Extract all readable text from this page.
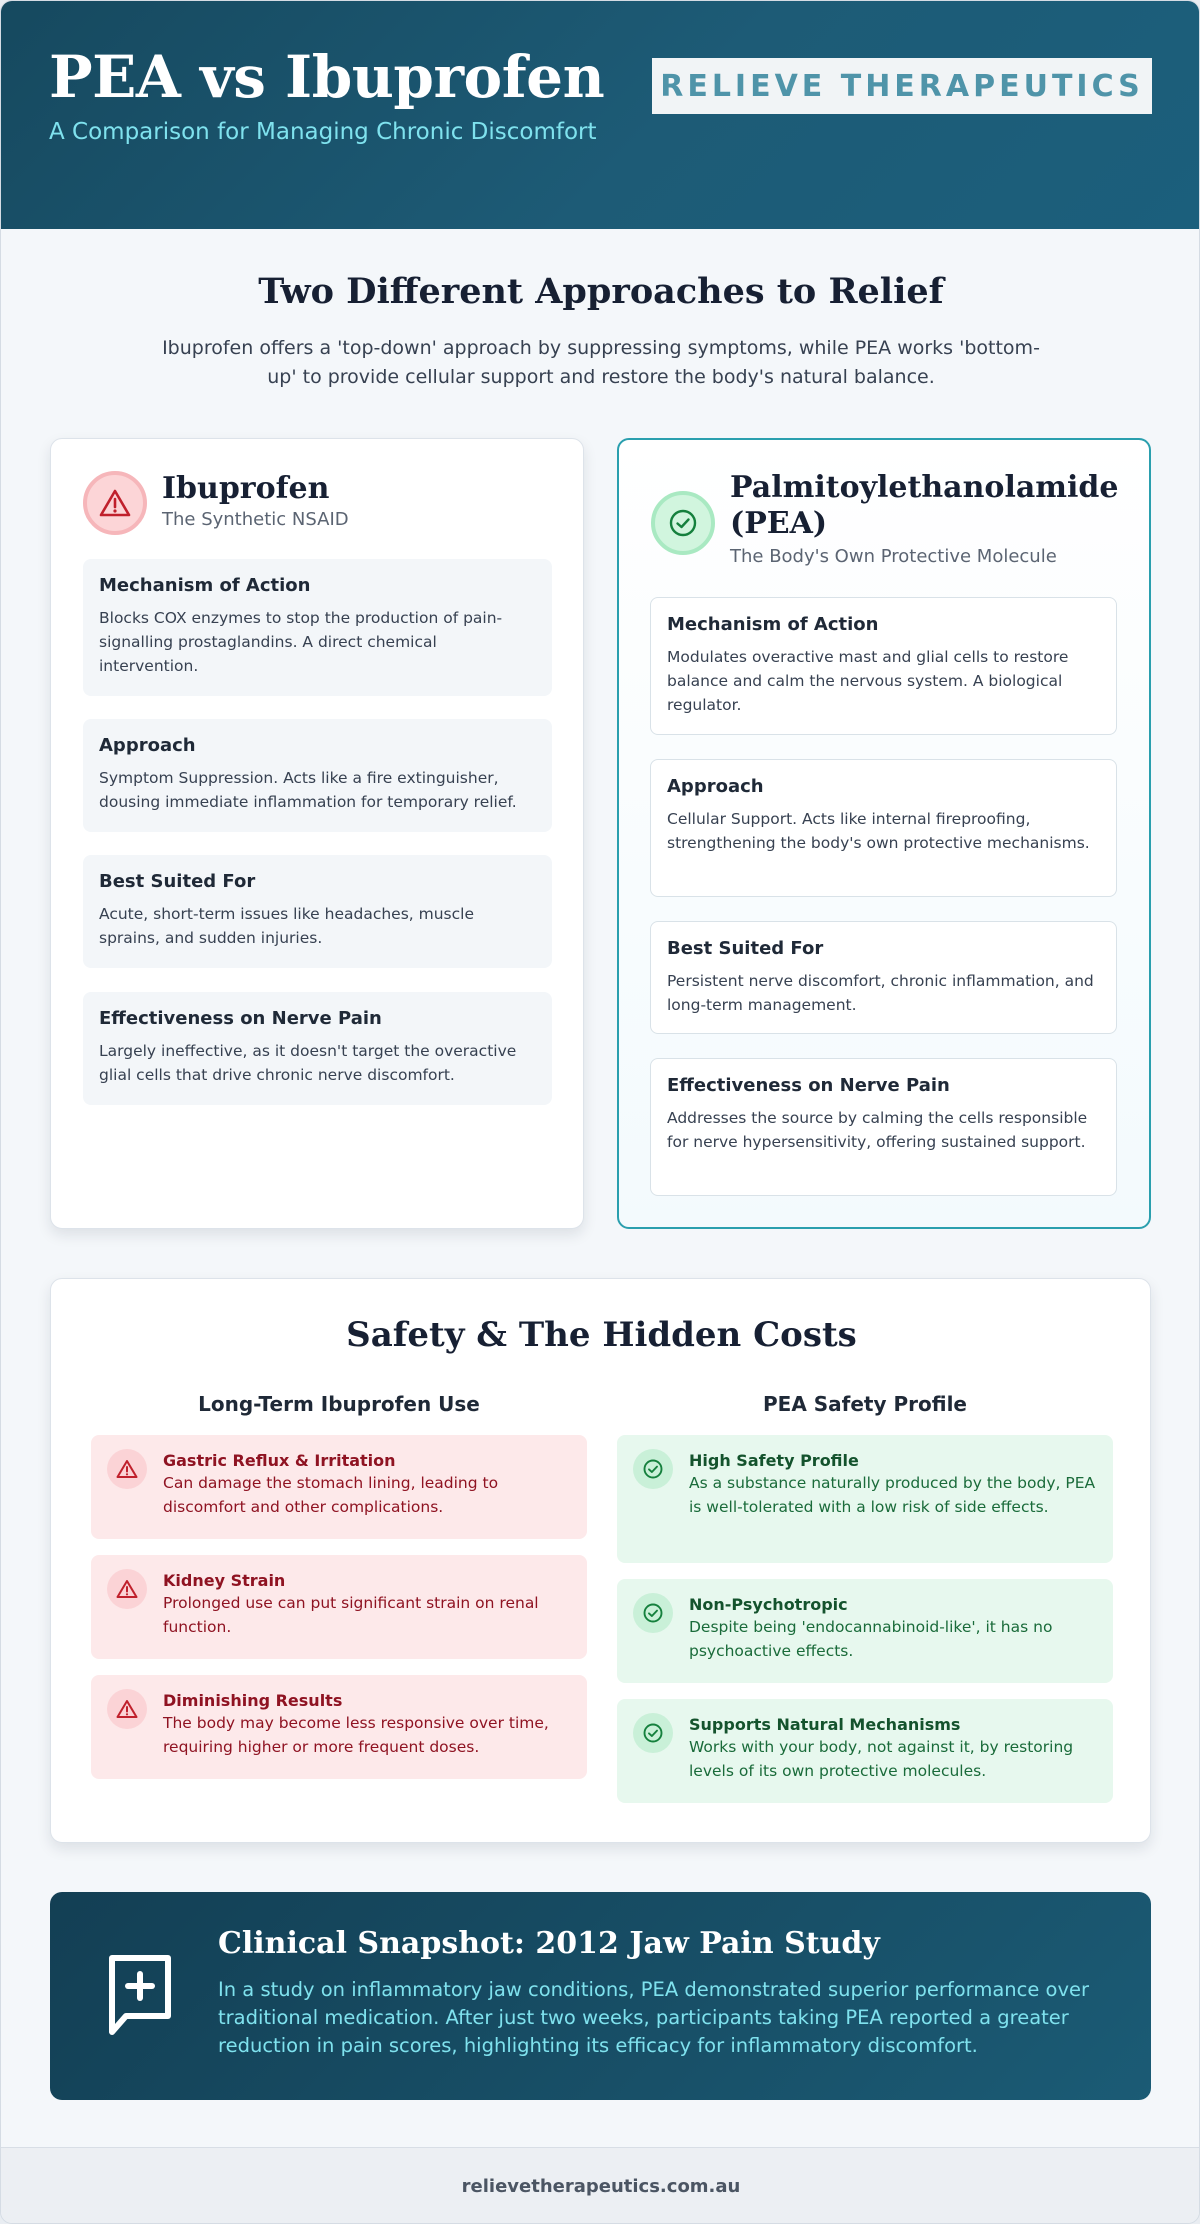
PEA vs Ibuprofen
A Comparison for Managing Chronic Discomfort
RELIEVE THERAPEUTICS
Two Different Approaches to Relief
Ibuprofen offers a 'top-down' approach by suppressing symptoms, while PEA works 'bottom-up' to provide cellular support and restore the body's natural balance.
Ibuprofen
The Synthetic NSAID
Mechanism of Action

Blocks COX enzymes to stop the production of pain-signalling prostaglandins. A direct chemical intervention.

Approach

Symptom Suppression. Acts like a fire extinguisher, dousing immediate inflammation for temporary relief.

Best Suited For

Acute, short-term issues like headaches, muscle sprains, and sudden injuries.

Effectiveness on Nerve Pain

Largely ineffective, as it doesn't target the overactive glial cells that drive chronic nerve discomfort.

Palmitoylethanolamide (PEA)
The Body's Own Protective Molecule
Mechanism of Action

Modulates overactive mast and glial cells to restore balance and calm the nervous system. A biological regulator.

Approach

Cellular Support. Acts like internal fireproofing, strengthening the body's own protective mechanisms.

Best Suited For

Persistent nerve discomfort, chronic inflammation, and long-term management.

Effectiveness on Nerve Pain

Addresses the source by calming the cells responsible for nerve hypersensitivity, offering sustained support.

Safety & The Hidden Costs
Long-Term Ibuprofen Use	PEA Safety Profile
Gastric Reflux & Irritation

Can damage the stomach lining, leading to discomfort and other complications.

Kidney Strain

Prolonged use can put significant strain on renal function.

Diminishing Results

The body may become less responsive over time, requiring higher or more frequent doses.

High Safety Profile

As a substance naturally produced by the body, PEA is well-tolerated with a low risk of side effects.

Non-Psychotropic

Despite being 'endocannabinoid-like', it has no psychoactive effects.

Supports Natural Mechanisms

Works with your body, not against it, by restoring levels of its own protective molecules.

Clinical Snapshot: 2012 Jaw Pain Study
In a study on inflammatory jaw conditions, PEA demonstrated superior performance over traditional medication. After just two weeks, participants taking PEA reported a greater reduction in pain scores, highlighting its efficacy for inflammatory discomfort.
relievetherapeutics.com.au
